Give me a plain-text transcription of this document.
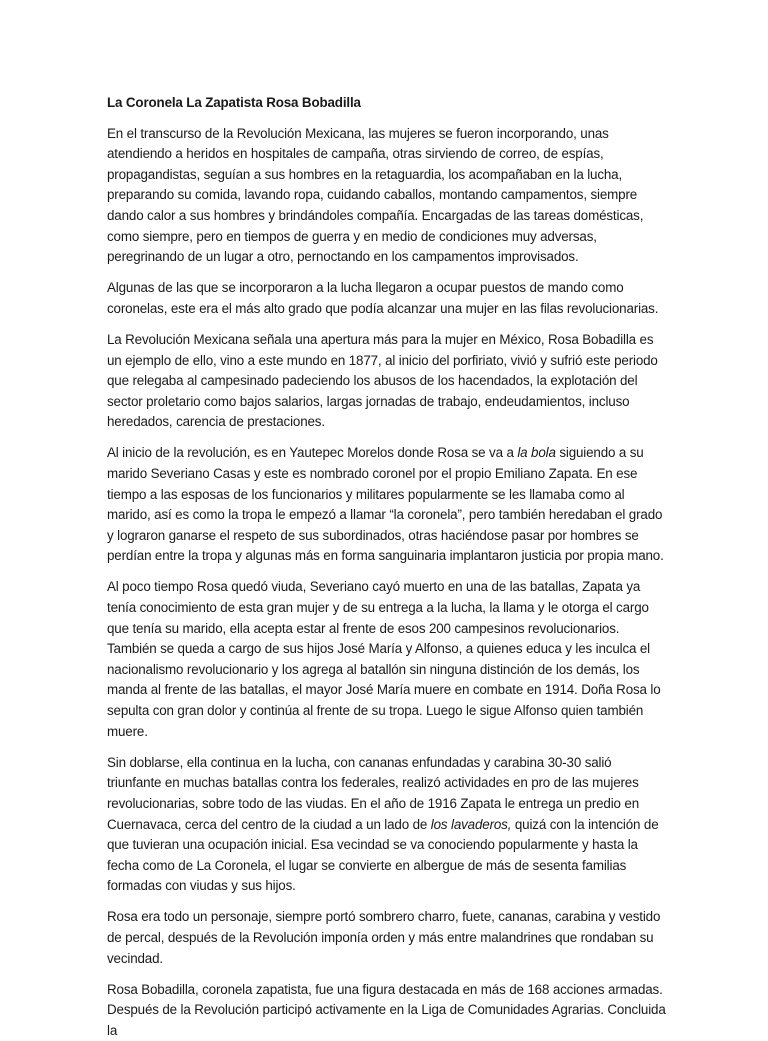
La Coronela La Zapatista Rosa Bobadilla

En el transcurso de la Revolución Mexicana, las mujeres se fueron incorporando, unas atendiendo a heridos en hospitales de campaña, otras sirviendo de correo, de espías, propagandistas, seguían a sus hombres en la retaguardia, los acompañaban en la lucha, preparando su comida, lavando ropa, cuidando caballos, montando campamentos, siempre dando calor a sus hombres y brindándoles compañía. Encargadas de las tareas domésticas, como siempre, pero en tiempos de guerra y en medio de condiciones muy adversas, peregrinando de un lugar a otro, pernoctando en los campamentos improvisados.

Algunas de las que se incorporaron a la lucha llegaron a ocupar puestos de mando como coronelas, este era el más alto grado que podía alcanzar una mujer en las filas revolucionarias.

La Revolución Mexicana señala una apertura más para la mujer en México, Rosa Bobadilla es un ejemplo de ello, vino a este mundo en 1877, al inicio del porfiriato, vivió y sufrió este periodo que relegaba al campesinado padeciendo los abusos de los hacendados, la explotación del sector proletario como bajos salarios, largas jornadas de trabajo, endeudamientos, incluso heredados, carencia de prestaciones.

Al inicio de la revolución, es en Yautepec Morelos donde Rosa se va a la bola siguiendo a su marido Severiano Casas y este es nombrado coronel por el propio Emiliano Zapata. En ese tiempo a las esposas de los funcionarios y militares popularmente se les llamaba como al marido, así es como la tropa le empezó a llamar “la coronela”, pero también heredaban el grado y lograron ganarse el respeto de sus subordinados, otras haciéndose pasar por hombres se perdían entre la tropa y algunas más en forma sanguinaria implantaron justicia por propia mano.

Al poco tiempo Rosa quedó viuda, Severiano cayó muerto en una de las batallas, Zapata ya tenía conocimiento de esta gran mujer y de su entrega a la lucha, la llama y le otorga el cargo que tenía su marido, ella acepta estar al frente de esos 200 campesinos revolucionarios. También se queda a cargo de sus hijos José María y Alfonso, a quienes educa y les inculca el nacionalismo revolucionario y los agrega al batallón sin ninguna distinción de los demás, los manda al frente de las batallas, el mayor José María muere en combate en 1914. Doña Rosa lo sepulta con gran dolor y continúa al frente de su tropa. Luego le sigue Alfonso quien también muere.

Sin doblarse, ella continua en la lucha, con cananas enfundadas y carabina 30-30 salió triunfante en muchas batallas contra los federales, realizó actividades en pro de las mujeres revolucionarias, sobre todo de las viudas. En el año de 1916 Zapata le entrega un predio en Cuernavaca, cerca del centro de la ciudad a un lado de los lavaderos, quizá con la intención de que tuvieran una ocupación inicial. Esa vecindad se va conociendo popularmente y hasta la fecha como de La Coronela, el lugar se convierte en albergue de más de sesenta familias formadas con viudas y sus hijos.

Rosa era todo un personaje, siempre portó sombrero charro, fuete, cananas, carabina y vestido de percal, después de la Revolución imponía orden y más entre malandrines que rondaban su vecindad.

Rosa Bobadilla, coronela zapatista, fue una figura destacada en más de 168 acciones armadas. Después de la Revolución participó activamente en la Liga de Comunidades Agrarias. Concluida la
